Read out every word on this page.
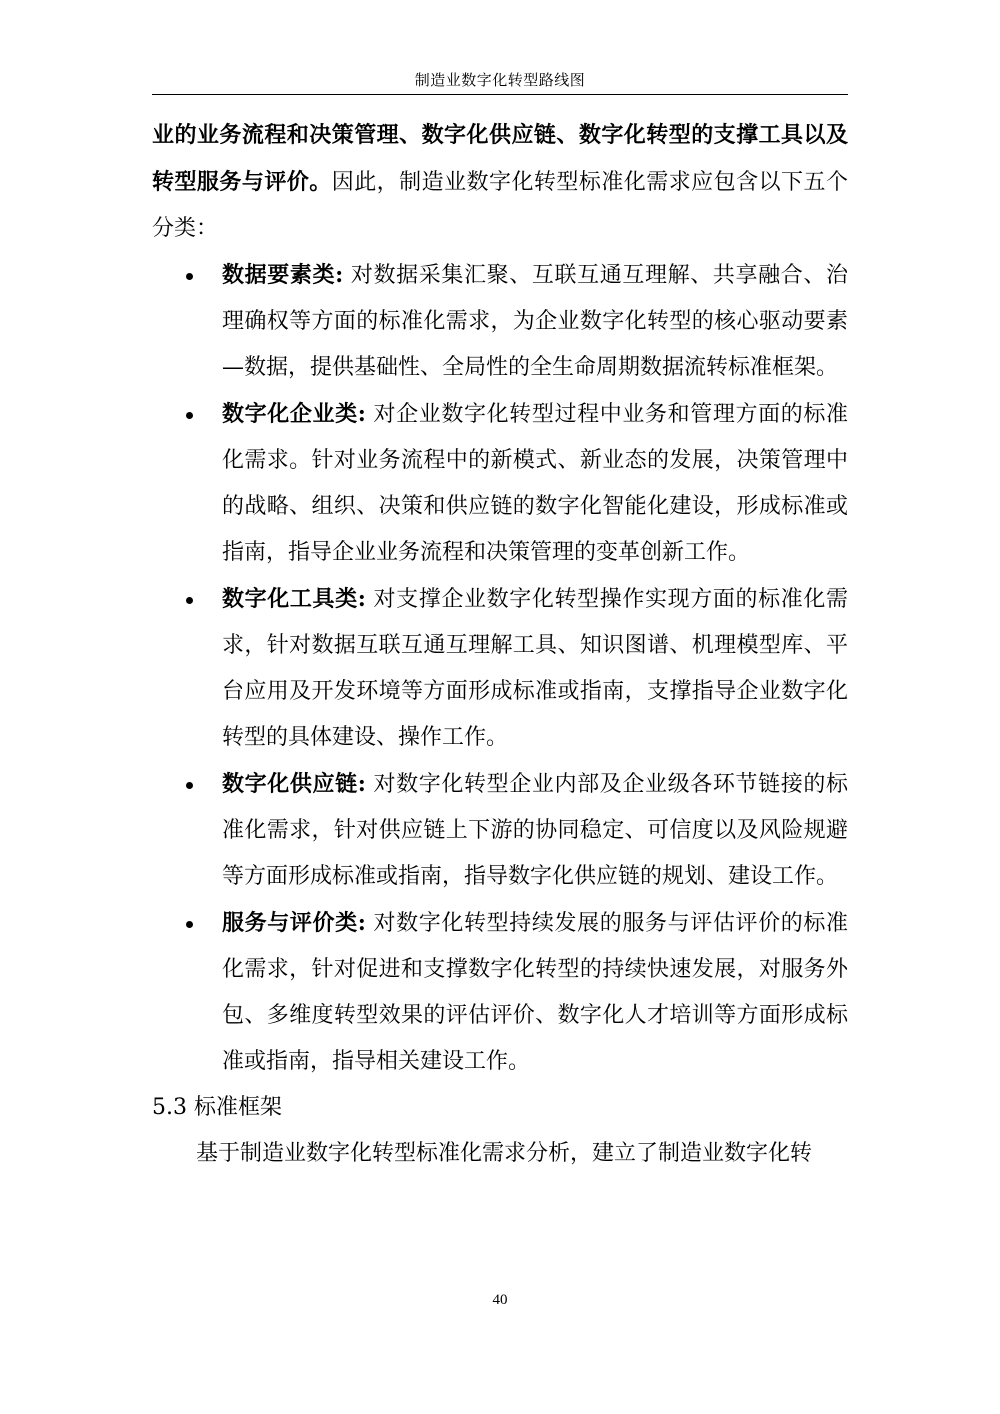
制造业数字化转型路线图

业的业务流程和决策管理、数字化供应链、数字化转型的支撑工具以及转型服务与评价。因此，制造业数字化转型标准化需求应包含以下五个分类：

数据要素类: 对数据采集汇聚、互联互通互理解、共享融合、治理确权等方面的标准化需求，为企业数字化转型的核心驱动要素—数据，提供基础性、全局性的全生命周期数据流转标准框架。
数字化企业类: 对企业数字化转型过程中业务和管理方面的标准化需求。针对业务流程中的新模式、新业态的发展，决策管理中的战略、组织、决策和供应链的数字化智能化建设，形成标准或指南，指导企业业务流程和决策管理的变革创新工作。
数字化工具类: 对支撑企业数字化转型操作实现方面的标准化需求，针对数据互联互通互理解工具、知识图谱、机理模型库、平台应用及开发环境等方面形成标准或指南，支撑指导企业数字化转型的具体建设、操作工作。
数字化供应链: 对数字化转型企业内部及企业级各环节链接的标准化需求，针对供应链上下游的协同稳定、可信度以及风险规避等方面形成标准或指南，指导数字化供应链的规划、建设工作。
服务与评价类: 对数字化转型持续发展的服务与评估评价的标准化需求，针对促进和支撑数字化转型的持续快速发展，对服务外包、多维度转型效果的评估评价、数字化人才培训等方面形成标准或指南，指导相关建设工作。

5.3 标准框架

基于制造业数字化转型标准化需求分析，建立了制造业数字化转

40
